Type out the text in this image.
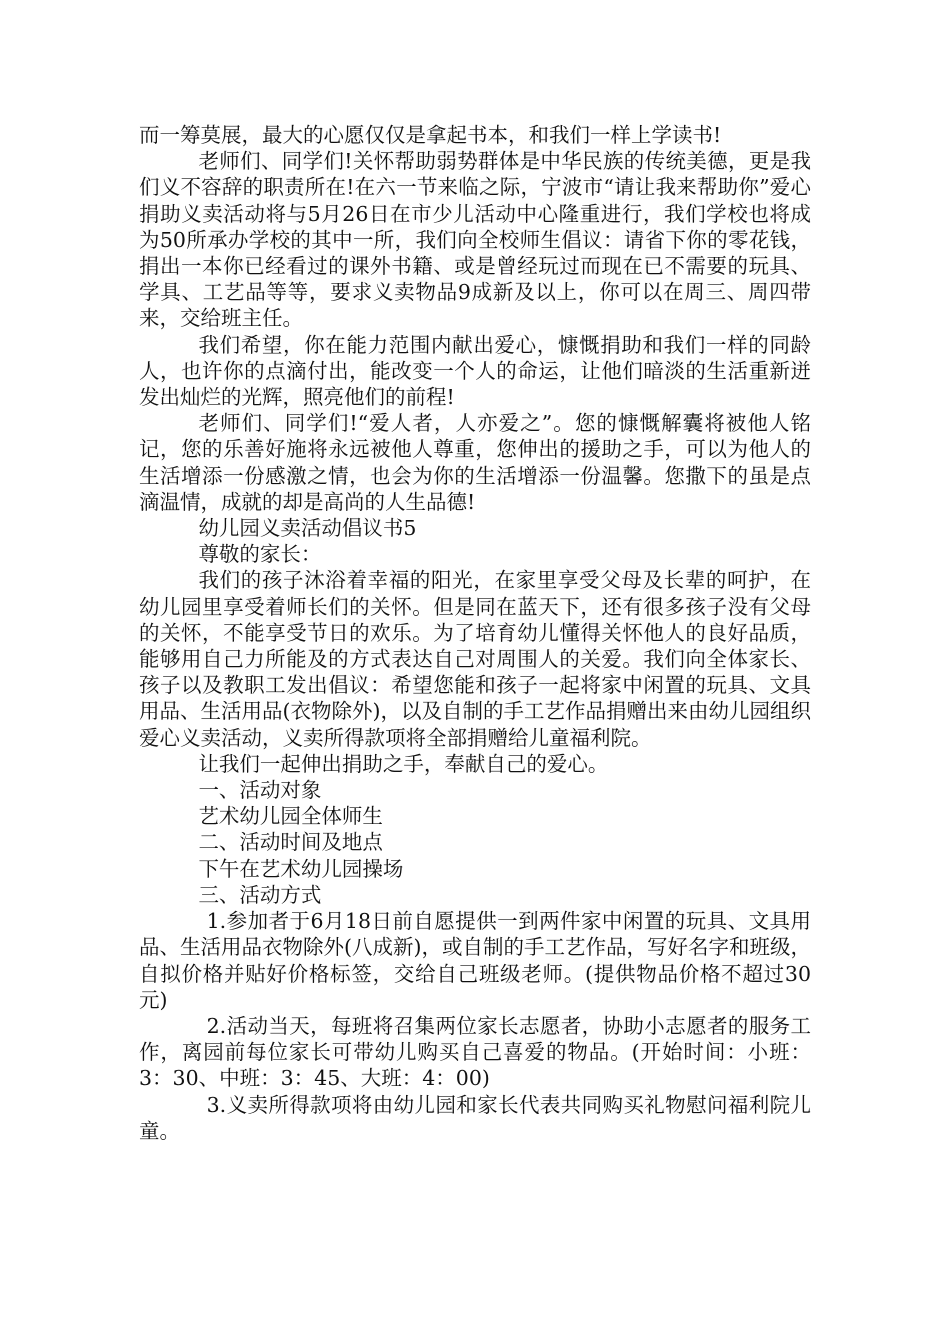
而一筹莫展，最大的心愿仅仅是拿起书本，和我们一样上学读书!

老师们、同学们!关怀帮助弱势群体是中华民族的传统美德，更是我们义不容辞的职责所在!在六一节来临之际，宁波市“请让我来帮助你”爱心捐助义卖活动将与5月26日在市少儿活动中心隆重进行，我们学校也将成为50所承办学校的其中一所，我们向全校师生倡议：请省下你的零花钱，捐出一本你已经看过的课外书籍、或是曾经玩过而现在已不需要的玩具、学具、工艺品等等，要求义卖物品9成新及以上，你可以在周三、周四带来，交给班主任。

我们希望，你在能力范围内献出爱心，慷慨捐助和我们一样的同龄人，也许你的点滴付出，能改变一个人的命运，让他们暗淡的生活重新迸发出灿烂的光辉，照亮他们的前程!

老师们、同学们!“爱人者，人亦爱之”。您的慷慨解囊将被他人铭记，您的乐善好施将永远被他人尊重，您伸出的援助之手，可以为他人的生活增添一份感激之情，也会为你的生活增添一份温馨。您撒下的虽是点滴温情，成就的却是高尚的人生品德!

幼儿园义卖活动倡议书5

尊敬的家长：

我们的孩子沐浴着幸福的阳光，在家里享受父母及长辈的呵护，在幼儿园里享受着师长们的关怀。但是同在蓝天下，还有很多孩子没有父母的关怀，不能享受节日的欢乐。为了培育幼儿懂得关怀他人的良好品质，能够用自己力所能及的方式表达自己对周围人的关爱。我们向全体家长、孩子以及教职工发出倡议：希望您能和孩子一起将家中闲置的玩具、文具用品、生活用品(衣物除外)，以及自制的手工艺作品捐赠出来由幼儿园组织爱心义卖活动，义卖所得款项将全部捐赠给儿童福利院。

让我们一起伸出捐助之手，奉献自己的爱心。

一、活动对象

艺术幼儿园全体师生

二、活动时间及地点

下午在艺术幼儿园操场

三、活动方式

1.参加者于6月18日前自愿提供一到两件家中闲置的玩具、文具用品、生活用品衣物除外(八成新)，或自制的手工艺作品，写好名字和班级，自拟价格并贴好价格标签，交给自己班级老师。(提供物品价格不超过30元)

2.活动当天，每班将召集两位家长志愿者，协助小志愿者的服务工作，离园前每位家长可带幼儿购买自己喜爱的物品。(开始时间：小班：3：30、中班：3：45、大班：4：00)

3.义卖所得款项将由幼儿园和家长代表共同购买礼物慰问福利院儿童。
